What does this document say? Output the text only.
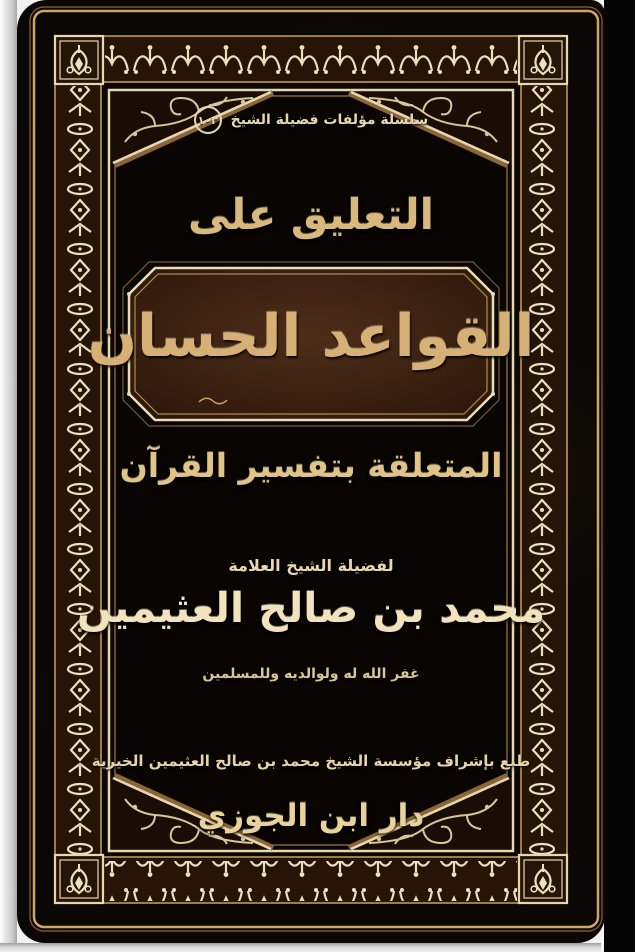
سلسلة مؤلفات فضيلة الشيخ
١٠٣
التعليق على
القواعد الحسان
المتعلقة بتفسير القرآن
لفضيلة الشيخ العلامة
محمد بن صالح العثيمين
غفر الله له ولوالديه وللمسلمين
طبع بإشراف مؤسسة الشيخ محمد بن صالح العثيمين الخيرية
دار ابن الجوزي
